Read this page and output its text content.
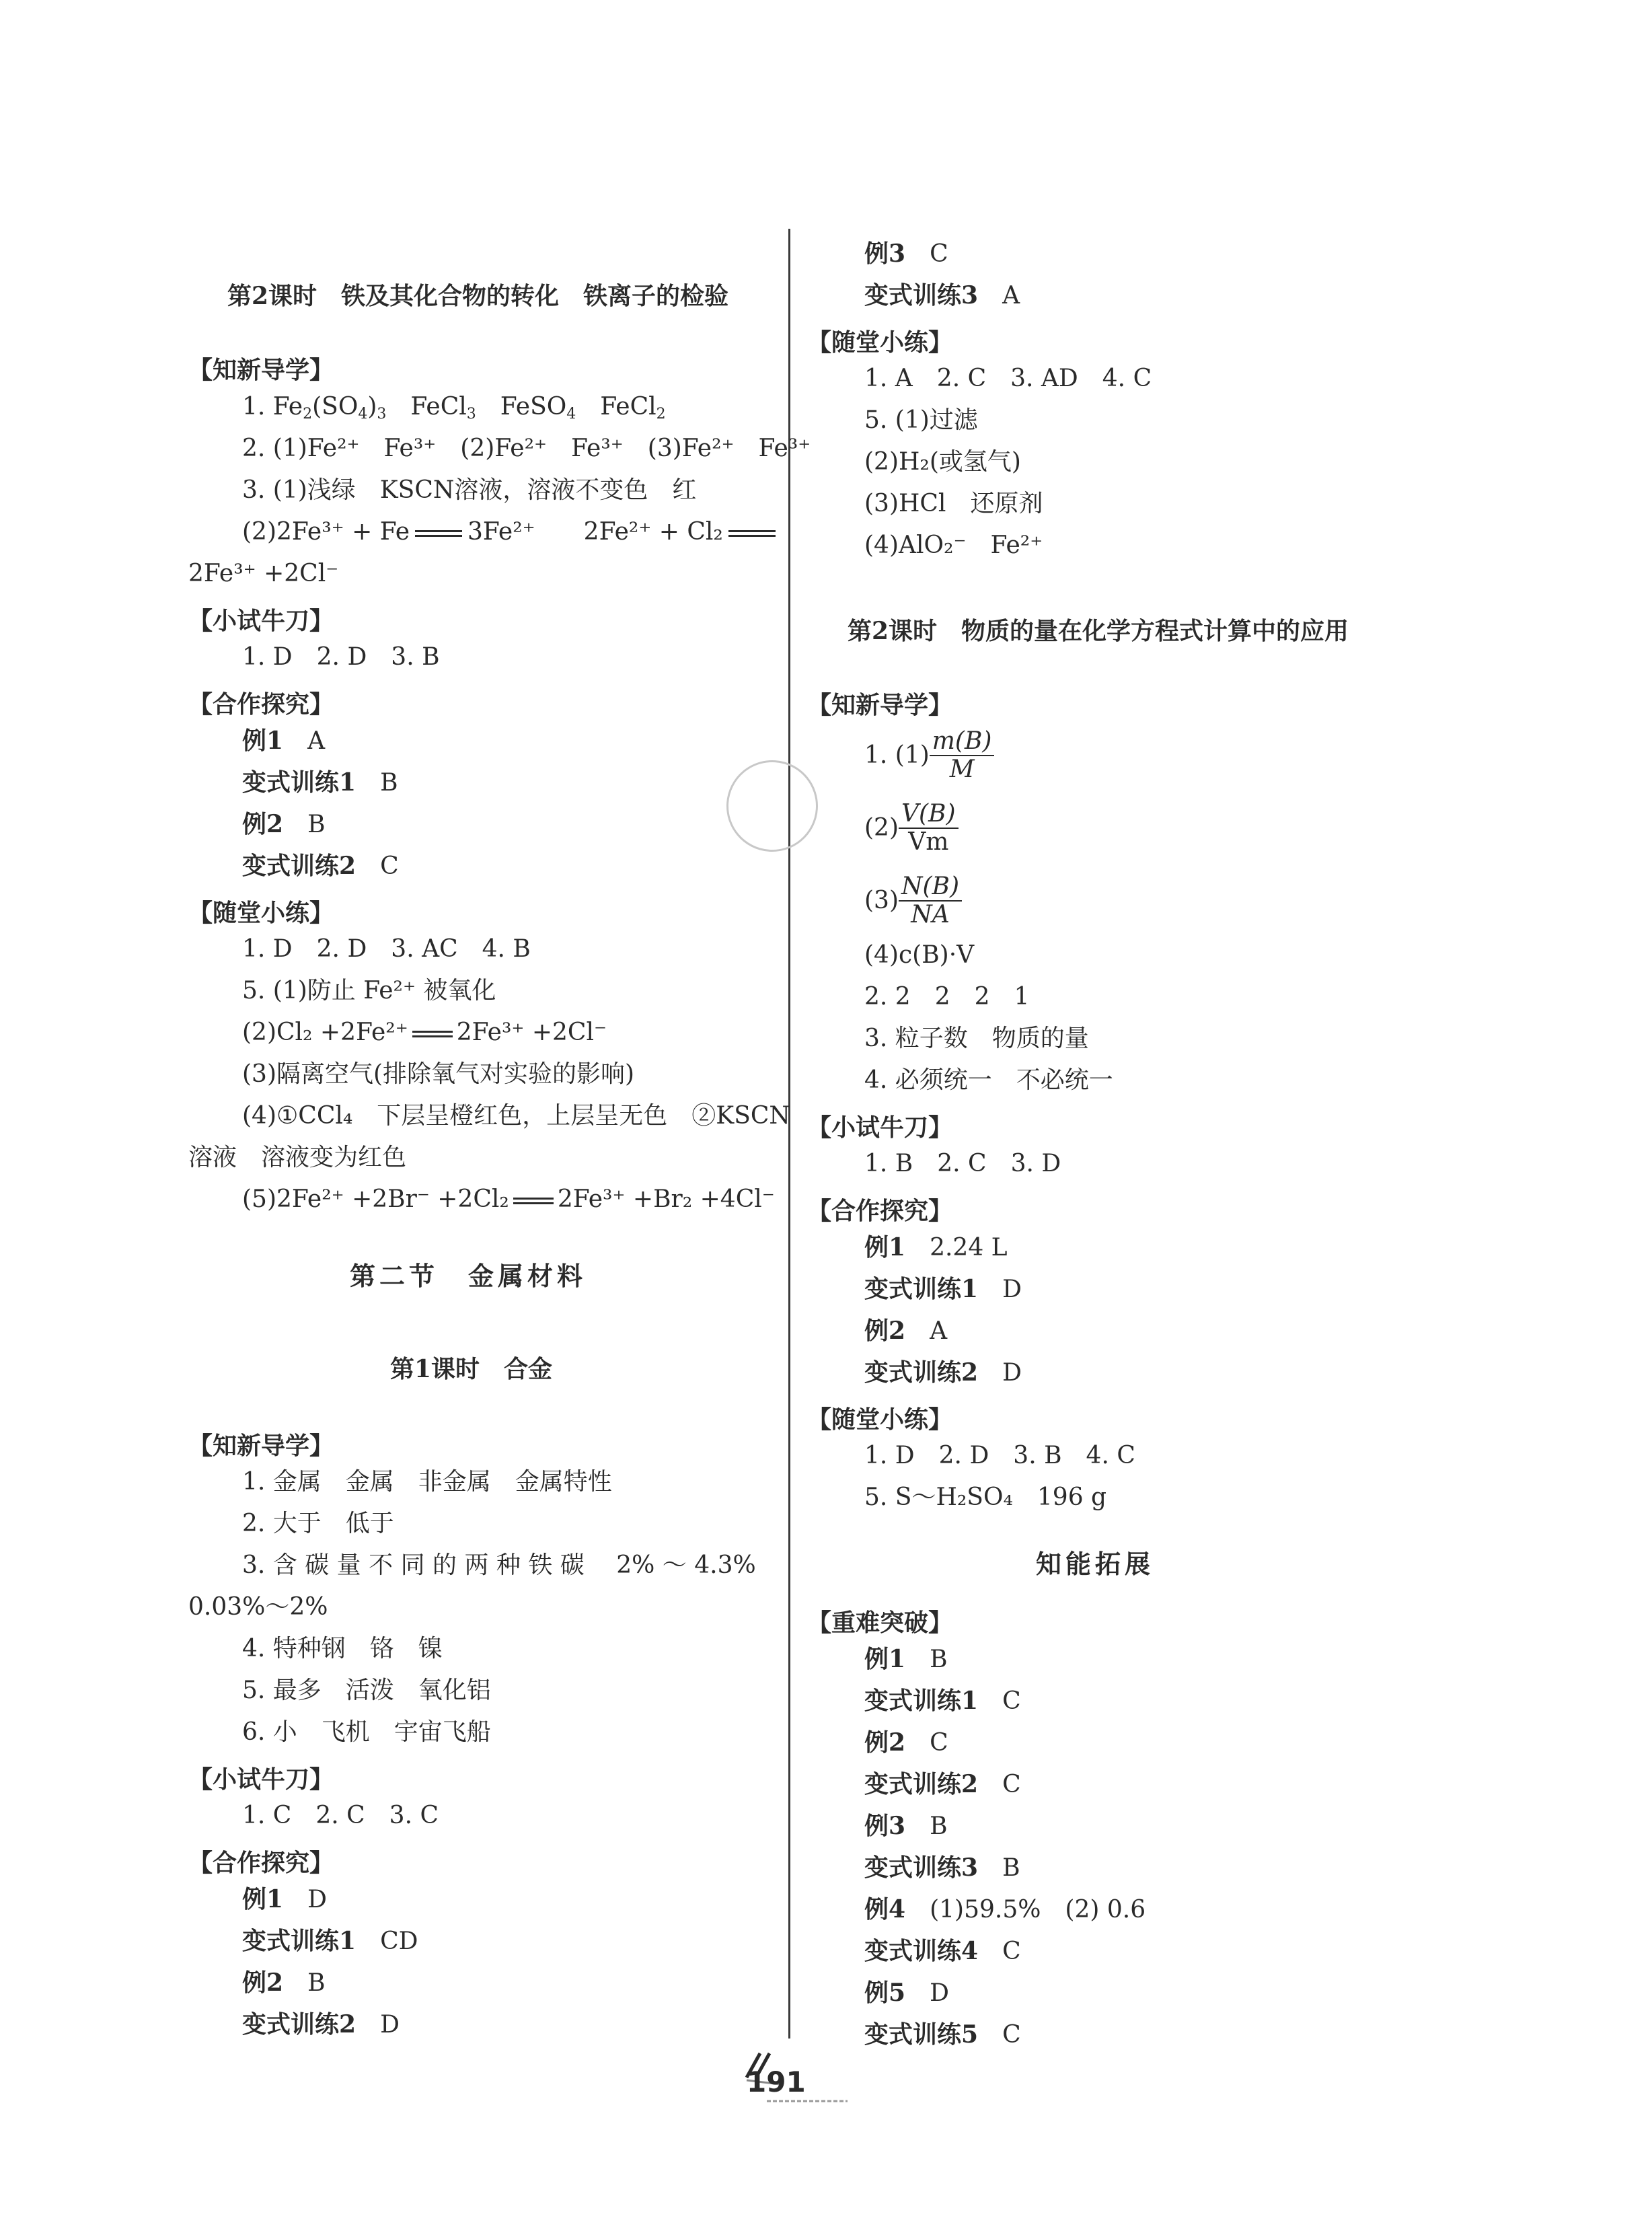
第2课时　铁及其化合物的转化　铁离子的检验
【知新导学】
1. $Fe_2(SO_4)_3$　FeCl$_3$　FeSO$_4$　FeCl$_2$
2. (1)Fe²⁺　Fe³⁺　(2)Fe²⁺　Fe³⁺　(3)Fe²⁺　Fe³⁺
3. (1)浅绿　KSCN溶液，溶液不变色　红
(2)2Fe³⁺ + Fe 3Fe²⁺　　2Fe²⁺ + Cl₂
2Fe³⁺ +2Cl⁻
【小试牛刀】
1. D　2. D　3. B
【合作探究】
例1　 A
变式训练1　 B
例2　 B
变式训练2　 C
【随堂小练】
1. D　2. D　3. AC　4. B
5. (1)防止 Fe²⁺ 被氧化
(2)Cl₂ +2Fe²⁺ 2Fe³⁺ +2Cl⁻
(3)隔离空气(排除氧气对实验的影响)
(4)①CCl₄　下层呈橙红色，上层呈无色　②KSCN
溶液　溶液变为红色
(5)2Fe²⁺ +2Br⁻ +2Cl₂ 2Fe³⁺ +Br₂ +4Cl⁻
第二节　金属材料
第1课时　合金
【知新导学】
1. 金属　金属　非金属　金属特性
2. 大于　低于
3. 含 碳 量 不 同 的 两 种 铁 碳　 2% ～ 4.3%
0.03%～2%
4. 特种钢　铬　镍
5. 最多　活泼　氧化铝
6. 小　飞机　宇宙飞船
【小试牛刀】
1. C　2. C　3. C
【合作探究】
例1　 D
变式训练1　 CD
例2　 B
变式训练2　 D
例3　 C
变式训练3　 A
【随堂小练】
1. A　2. C　3. AD　4. C
5. (1)过滤
(2)H₂(或氢气)
(3)HCl　还原剂
(4)AlO₂⁻　Fe²⁺
第2课时　物质的量在化学方程式计算中的应用
【知新导学】
1. $(1) \frac{m(B)}{M}$
$(2) \frac{V(B)}{Vm}$
$(3) \frac{N(B)}{NA}$
(4)c(B)·V
2. 2　2　2　1
3. 粒子数　物质的量
4. 必须统一　不必统一
【小试牛刀】
1. B　2. C　3. D
【合作探究】
例1　 2.24 L
变式训练1　 D
例2　 A
变式训练2　 D
【随堂小练】
1. D　2. D　3. B　4. C
5. S～H₂SO₄　196 g
知能拓展
【重难突破】
例1　 B
变式训练1　 C
例2　 C
变式训练2　 C
例3　 B
变式训练3　 B
例4　 (1)59.5%　(2) 0.6
变式训练4　 C
例5　 D
变式训练5　 C
191
